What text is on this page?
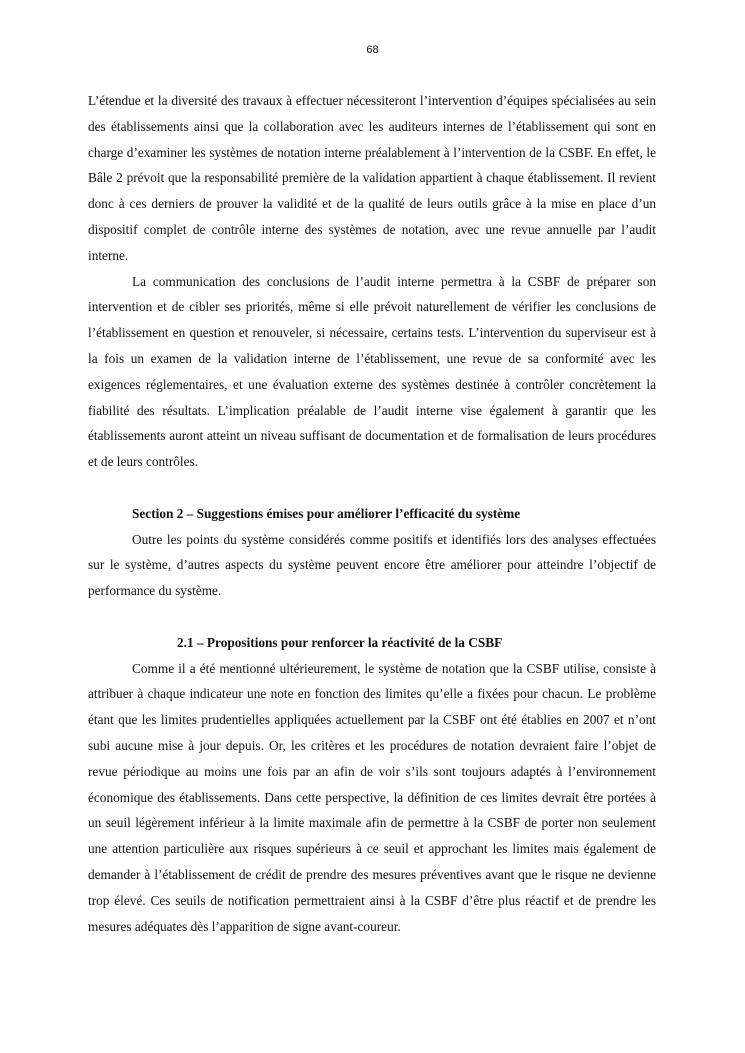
68

L’étendue et la diversité des travaux à effectuer nécessiteront l’intervention d’équipes spécialisées au sein des établissements ainsi que la collaboration avec les auditeurs internes de l’établissement qui sont en charge d’examiner les systèmes de notation interne préalablement à l’intervention de la CSBF. En effet, le Bâle 2 prévoit que la responsabilité première de la validation appartient à chaque établissement. Il revient donc à ces derniers de prouver la validité et de la qualité de leurs outils grâce à la mise en place d’un dispositif complet de contrôle interne des systèmes de notation, avec une revue annuelle par l’audit interne.

La communication des conclusions de l’audit interne permettra à la CSBF de préparer son intervention et de cibler ses priorités, même si elle prévoit naturellement de vérifier les conclusions de l’établissement en question et renouveler, si nécessaire, certains tests. L’intervention du superviseur est à la fois un examen de la validation interne de l’établissement, une revue de sa conformité avec les exigences réglementaires, et une évaluation externe des systèmes destinée à contrôler concrètement la fiabilité des résultats. L’implication préalable de l’audit interne vise également à garantir que les établissements auront atteint un niveau suffisant de documentation et de formalisation de leurs procédures et de leurs contrôles.

Section 2 – Suggestions émises pour améliorer l’efficacité du système

Outre les points du système considérés comme positifs et identifiés lors des analyses effectuées sur le système, d’autres aspects du système peuvent encore être améliorer pour atteindre l’objectif de performance du système.

2.1 – Propositions pour renforcer la réactivité de la CSBF

Comme il a été mentionné ultérieurement, le système de notation que la CSBF utilise, consiste à attribuer à chaque indicateur une note en fonction des limites qu’elle a fixées pour chacun. Le problème étant que les limites prudentielles appliquées actuellement par la CSBF ont été établies en 2007 et n’ont subi aucune mise à jour depuis. Or, les critères et les procédures de notation devraient faire l’objet de revue périodique au moins une fois par an afin de voir s’ils sont toujours adaptés à l’environnement économique des établissements. Dans cette perspective, la définition de ces limites devrait être portées à un seuil légèrement inférieur à la limite maximale afin de permettre à la CSBF de porter non seulement une attention particulière aux risques supérieurs à ce seuil et approchant les limites mais également de demander à l’établissement de crédit de prendre des mesures préventives avant que le risque ne devienne trop élevé. Ces seuils de notification permettraient ainsi à la CSBF d’être plus réactif et de prendre les mesures adéquates dès l’apparition de signe avant-coureur.
